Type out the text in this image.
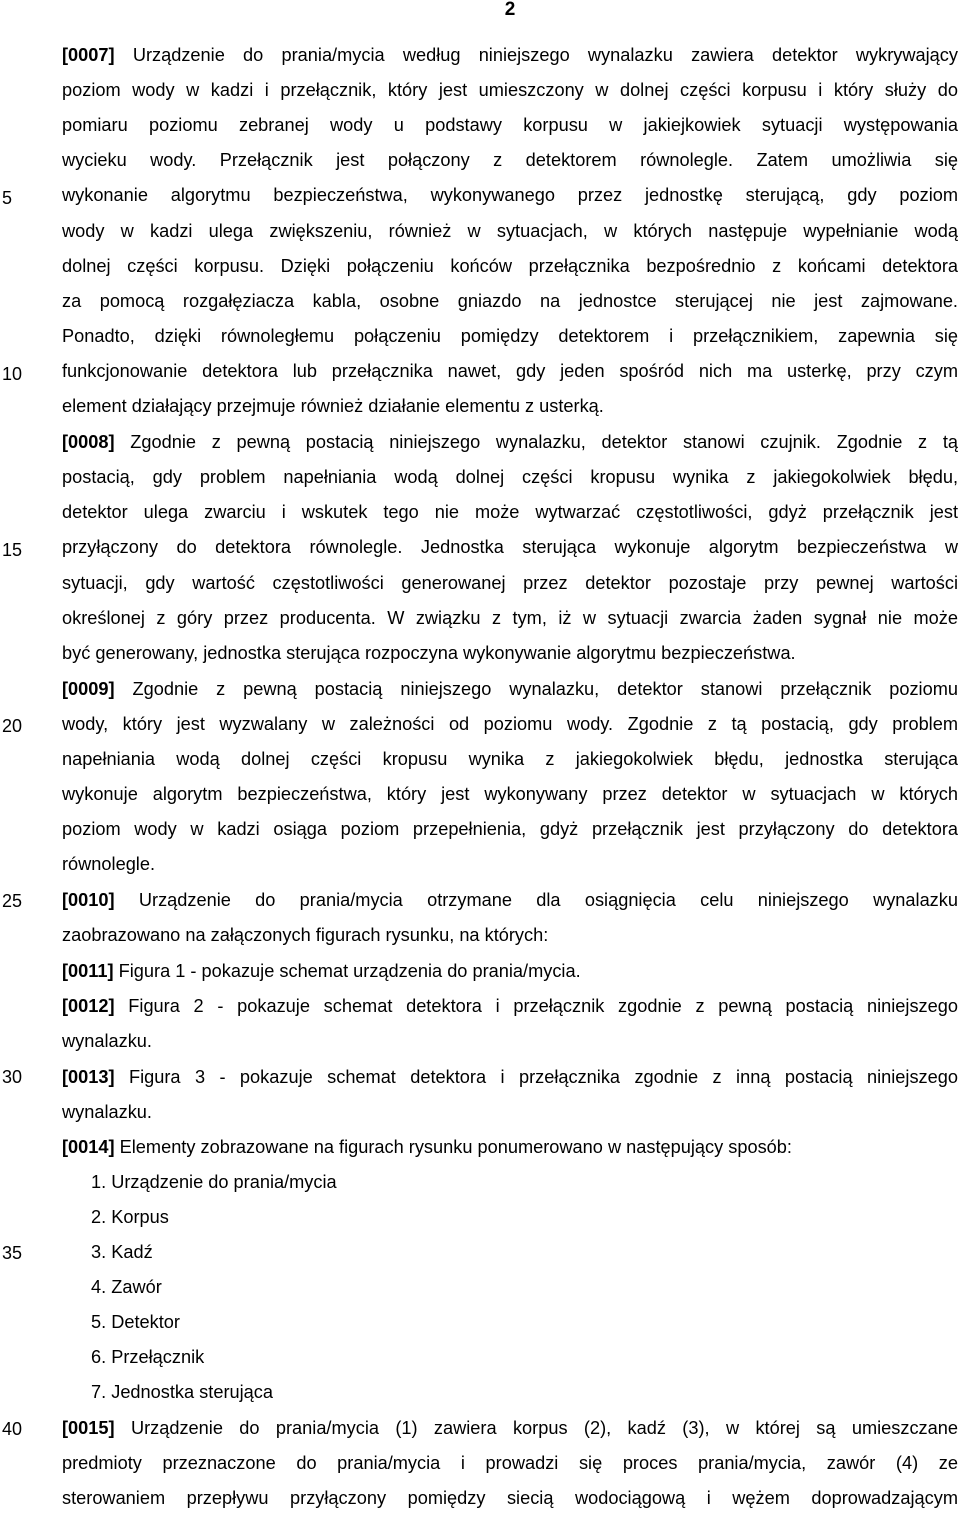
2
5
10
15
20
25
30
35
40
[0007] Urządzenie do prania/mycia według niniejszego wynalazku zawiera detektor wykrywający
poziom wody w kadzi i przełącznik, który jest umieszczony w dolnej części korpusu i który służy do
pomiaru poziomu zebranej wody u podstawy korpusu w jakiejkowiek sytuacji występowania
wycieku wody. Przełącznik jest połączony z detektorem równolegle. Zatem umożliwia się
wykonanie algorytmu bezpieczeństwa, wykonywanego przez jednostkę sterującą, gdy poziom
wody w kadzi ulega zwiększeniu, również w sytuacjach, w których następuje wypełnianie wodą
dolnej części korpusu. Dzięki połączeniu końców przełącznika bezpośrednio z końcami detektora
za pomocą rozgałęziacza kabla, osobne gniazdo na jednostce sterującej nie jest zajmowane.
Ponadto, dzięki równoległemu połączeniu pomiędzy detektorem i przełącznikiem, zapewnia się
funkcjonowanie detektora lub przełącznika nawet, gdy jeden spośród nich ma usterkę, przy czym
element działający przejmuje również działanie elementu z usterką.
[0008] Zgodnie z pewną postacią niniejszego wynalazku, detektor stanowi czujnik. Zgodnie z tą
postacią, gdy problem napełniania wodą dolnej części kropusu wynika z jakiegokolwiek błędu,
detektor ulega zwarciu i wskutek tego nie może wytwarzać częstotliwości, gdyż przełącznik jest
przyłączony do detektora równolegle. Jednostka sterująca wykonuje algorytm bezpieczeństwa w
sytuacji, gdy wartość częstotliwości generowanej przez detektor pozostaje przy pewnej wartości
określonej z góry przez producenta. W związku z tym, iż w sytuacji zwarcia żaden sygnał nie może
być generowany, jednostka sterująca rozpoczyna wykonywanie algorytmu bezpieczeństwa.
[0009] Zgodnie z pewną postacią niniejszego wynalazku, detektor stanowi przełącznik poziomu
wody, który jest wyzwalany w zależności od poziomu wody. Zgodnie z tą postacią, gdy problem
napełniania wodą dolnej części kropusu wynika z jakiegokolwiek błędu, jednostka sterująca
wykonuje algorytm bezpieczeństwa, który jest wykonywany przez detektor w sytuacjach w których
poziom wody w kadzi osiąga poziom przepełnienia, gdyż przełącznik jest przyłączony do detektora
równolegle.
[0010] Urządzenie do prania/mycia otrzymane dla osiągnięcia celu niniejszego wynalazku
zaobrazowano na załączonych figurach rysunku, na których:
[0011] Figura 1 - pokazuje schemat urządzenia do prania/mycia.
[0012] Figura 2 - pokazuje schemat detektora i przełącznik zgodnie z pewną postacią niniejszego
wynalazku.
[0013] Figura 3 - pokazuje schemat detektora i przełącznika zgodnie z inną postacią niniejszego
wynalazku.
[0014] Elementy zobrazowane na figurach rysunku ponumerowano w następujący sposób:
1. Urządzenie do prania/mycia
2. Korpus
3. Kadź
4. Zawór
5. Detektor
6. Przełącznik
7. Jednostka sterująca
[0015] Urządzenie do prania/mycia (1) zawiera korpus (2), kadź (3), w której są umieszczane
predmioty przeznaczone do prania/mycia i prowadzi się proces prania/mycia, zawór (4) ze
sterowaniem przepływu przyłączony pomiędzy siecią wodociągową i wężem doprowadzającym
